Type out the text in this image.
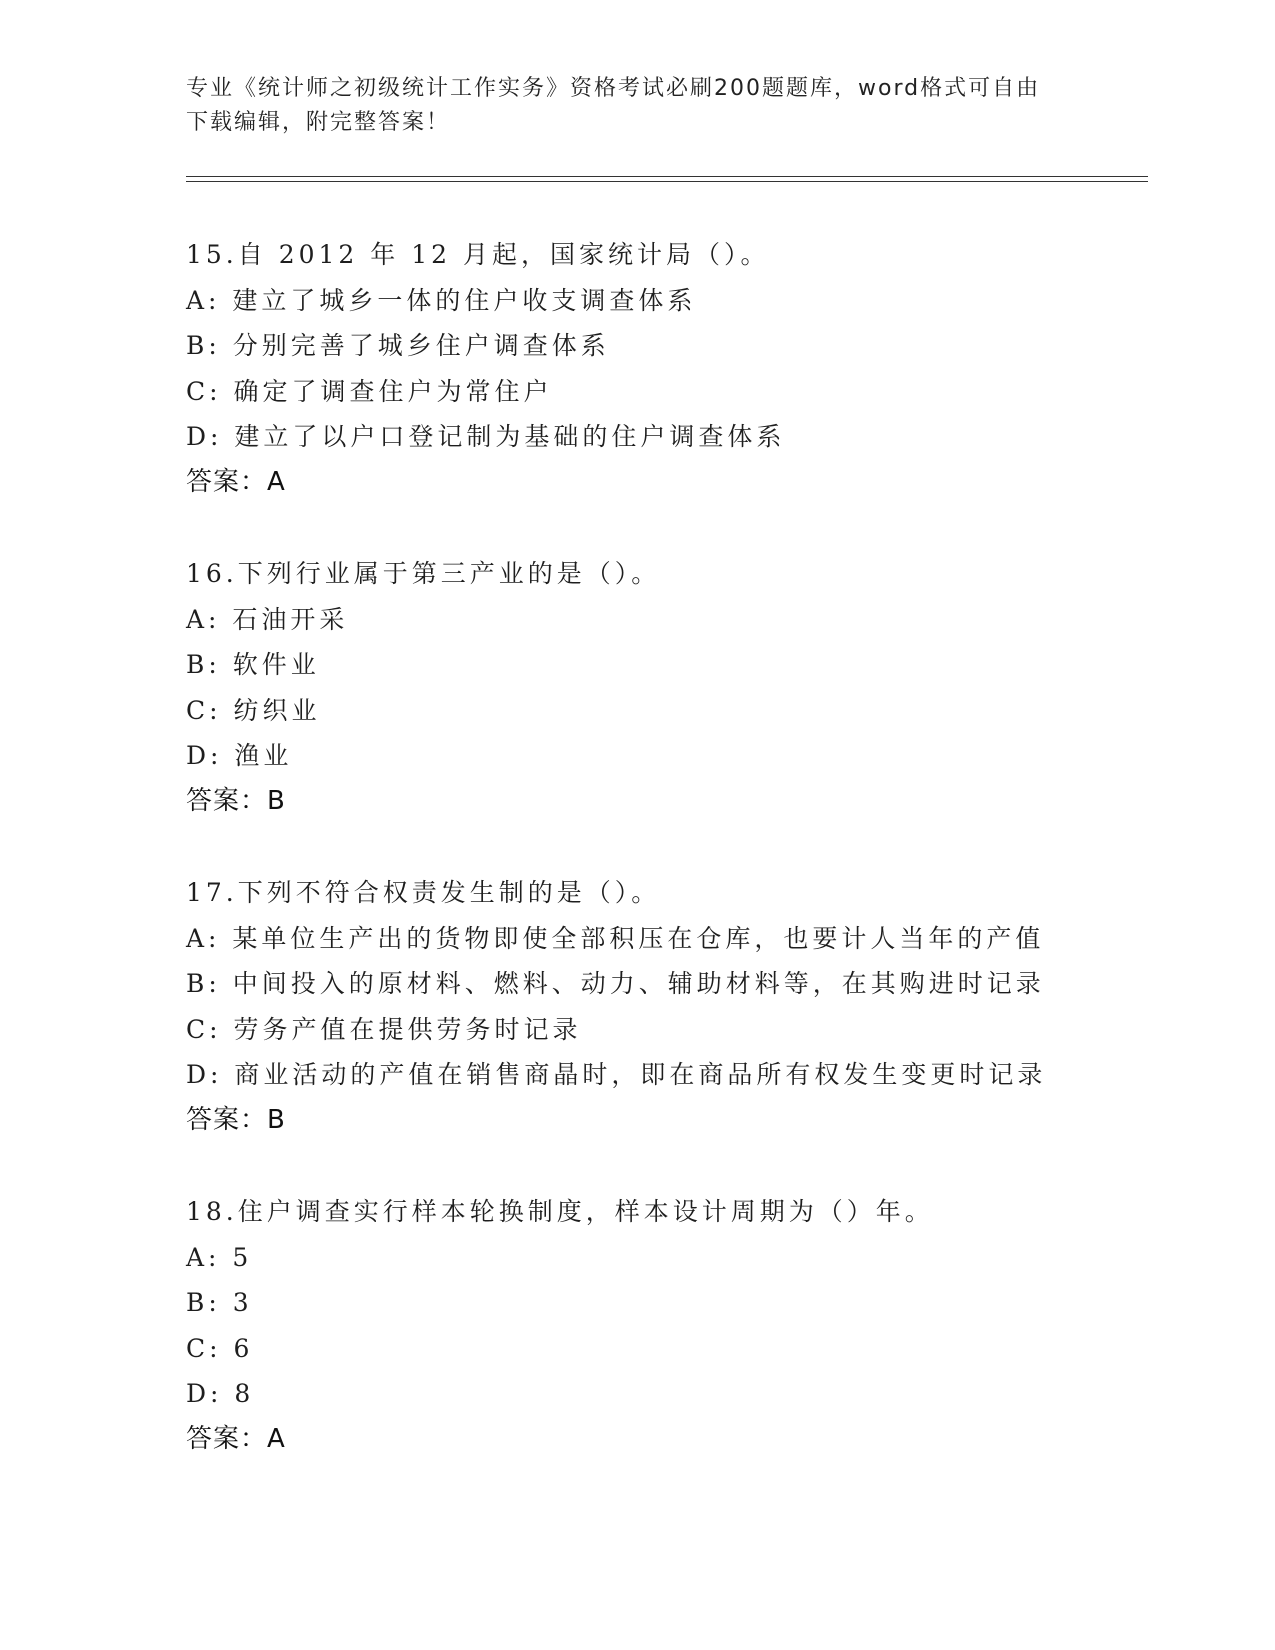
专业《统计师之初级统计工作实务》资格考试必刷200题题库，word格式可自由
下载编辑，附完整答案！
15.自 2012 年 12 月起，国家统计局（）。
A: 建立了城乡一体的住户收支调查体系
B: 分别完善了城乡住户调查体系
C: 确定了调查住户为常住户
D: 建立了以户口登记制为基础的住户调查体系
答案：A
16.下列行业属于第三产业的是（）。
A: 石油开采
B: 软件业
C: 纺织业
D: 渔业
答案：B
17.下列不符合权责发生制的是（）。
A: 某单位生产出的货物即使全部积压在仓库，也要计人当年的产值
B: 中间投入的原材料、燃料、动力、辅助材料等，在其购进时记录
C: 劳务产值在提供劳务时记录
D: 商业活动的产值在销售商晶时，即在商品所有权发生变更时记录
答案：B
18.住户调查实行样本轮换制度，样本设计周期为（）年。
A: 5
B: 3
C: 6
D: 8
答案：A
